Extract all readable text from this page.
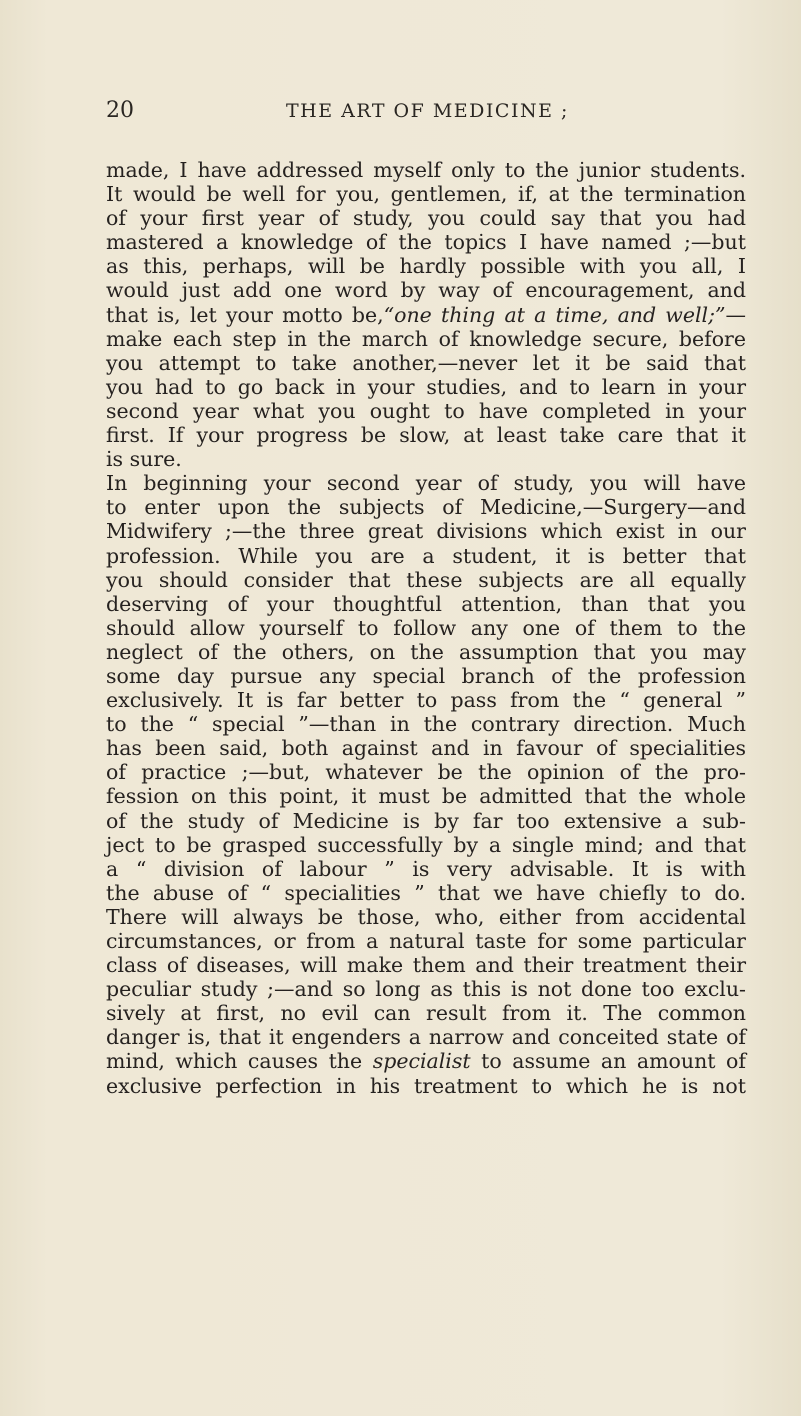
20	THE ART OF MEDICINE ;
made, I have addressed myself only to the junior students.
It would be well for you, gentlemen, if, at the termination
of your first year of study, you could say that you had
mastered a knowledge of the topics I have named ;—but
as this, perhaps, will be hardly possible with you all, I
would just add one word by way of encouragement, and
that is, let your motto be,“one thing at a time, and well;”—
make each step in the march of knowledge secure, before
you attempt to take another,—never let it be said that
you had to go back in your studies, and to learn in your
second year what you ought to have completed in your
first. If your progress be slow, at least take care that it
is sure.
In beginning your second year of study, you will have
to enter upon the subjects of Medicine,—Surgery—and
Midwifery ;—the three great divisions which exist in our
profession. While you are a student, it is better that
you should consider that these subjects are all equally
deserving of your thoughtful attention, than that you
should allow yourself to follow any one of them to the
neglect of the others, on the assumption that you may
some day pursue any special branch of the profession
exclusively. It is far better to pass from the “ general ”
to the “ special ”—than in the contrary direction. Much
has been said, both against and in favour of specialities
of practice ;—but, whatever be the opinion of the pro-
fession on this point, it must be admitted that the whole
of the study of Medicine is by far too extensive a sub-
ject to be grasped successfully by a single mind; and that
a “ division of labour ” is very advisable. It is with
the abuse of “ specialities ” that we have chiefly to do.
There will always be those, who, either from accidental
circumstances, or from a natural taste for some particular
class of diseases, will make them and their treatment their
peculiar study ;—and so long as this is not done too exclu-
sively at first, no evil can result from it. The common
danger is, that it engenders a narrow and conceited state of
mind, which causes the specialist to assume an amount of
exclusive perfection in his treatment to which he is not
